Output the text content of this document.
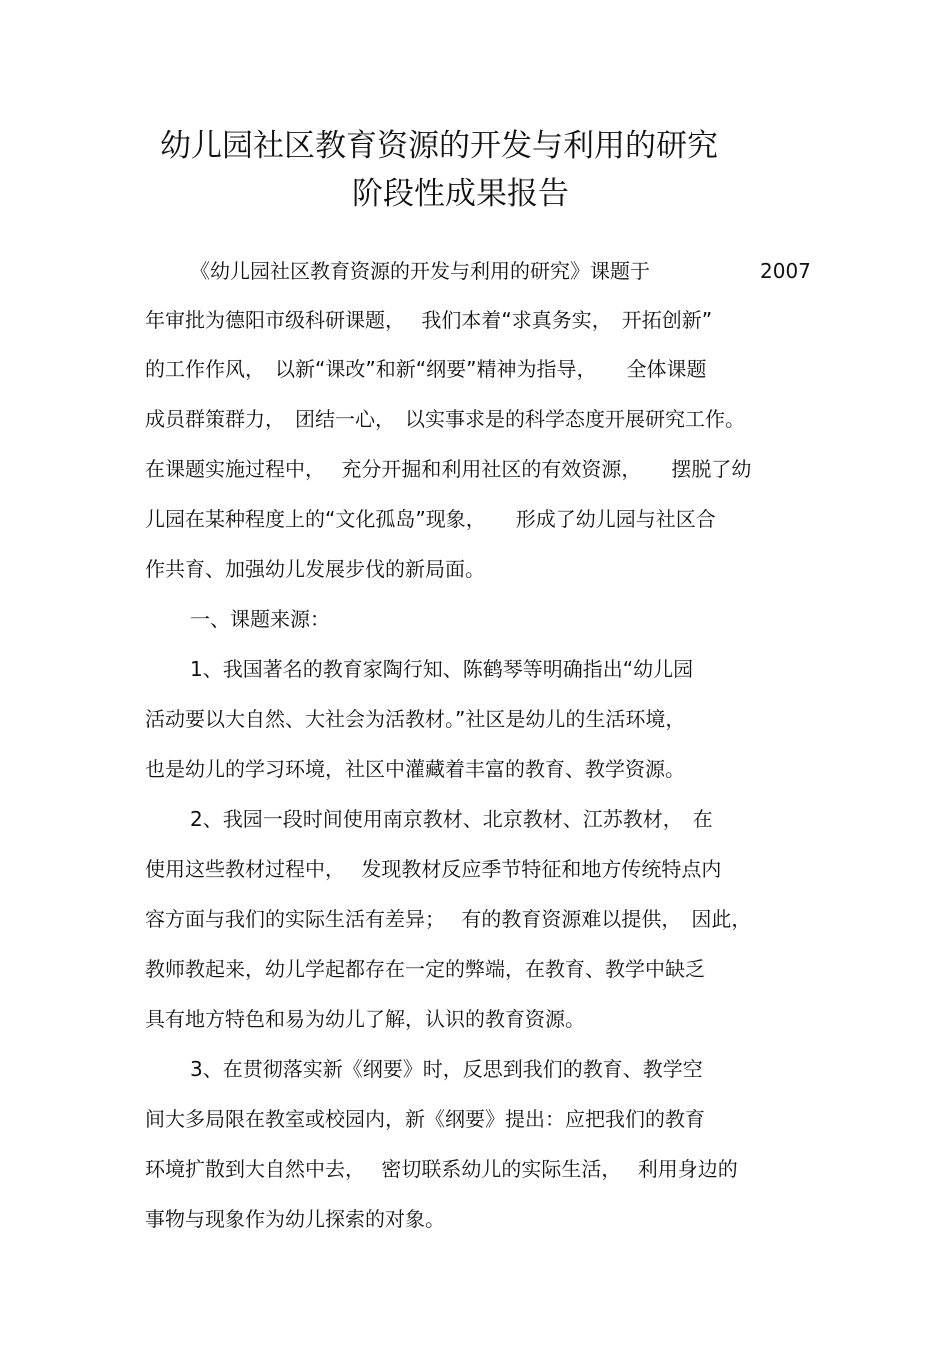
幼儿园社区教育资源的开发与利用的研究
阶段性成果报告
《幼儿园社区教育资源的开发与利用的研究》课题于	2007
年审批为德阳市级科研课题，　 我们本着“求真务实，　开拓创新”
的工作作风，　以新“课改”和新“纲要”精神为指导，　　全体课题
成员群策群力，　团结一心，　以实事求是的科学态度开展研究工作。
在课题实施过程中，　 充分开掘和利用社区的有效资源，　　摆脱了幼
儿园在某种程度上的“文化孤岛”现象，　　形成了幼儿园与社区合
作共育、加强幼儿发展步伐的新局面。
一、课题来源：
1、我国著名的教育家陶行知、陈鹤琴等明确指出“幼儿园
活动要以大自然、大社会为活教材。”社区是幼儿的生活环境，
也是幼儿的学习环境，社区中灌藏着丰富的教育、教学资源。
2、我园一段时间使用南京教材、北京教材、江苏教材，　在
使用这些教材过程中，　 发现教材反应季节特征和地方传统特点内
容方面与我们的实际生活有差异；　 有的教育资源难以提供，　因此，
教师教起来，幼儿学起都存在一定的弊端，在教育、教学中缺乏
具有地方特色和易为幼儿了解，认识的教育资源。
3、在贯彻落实新《纲要》时，反思到我们的教育、教学空
间大多局限在教室或校园内，新《纲要》提出：应把我们的教育
环境扩散到大自然中去，　 密切联系幼儿的实际生活，　 利用身边的
事物与现象作为幼儿探索的对象。
